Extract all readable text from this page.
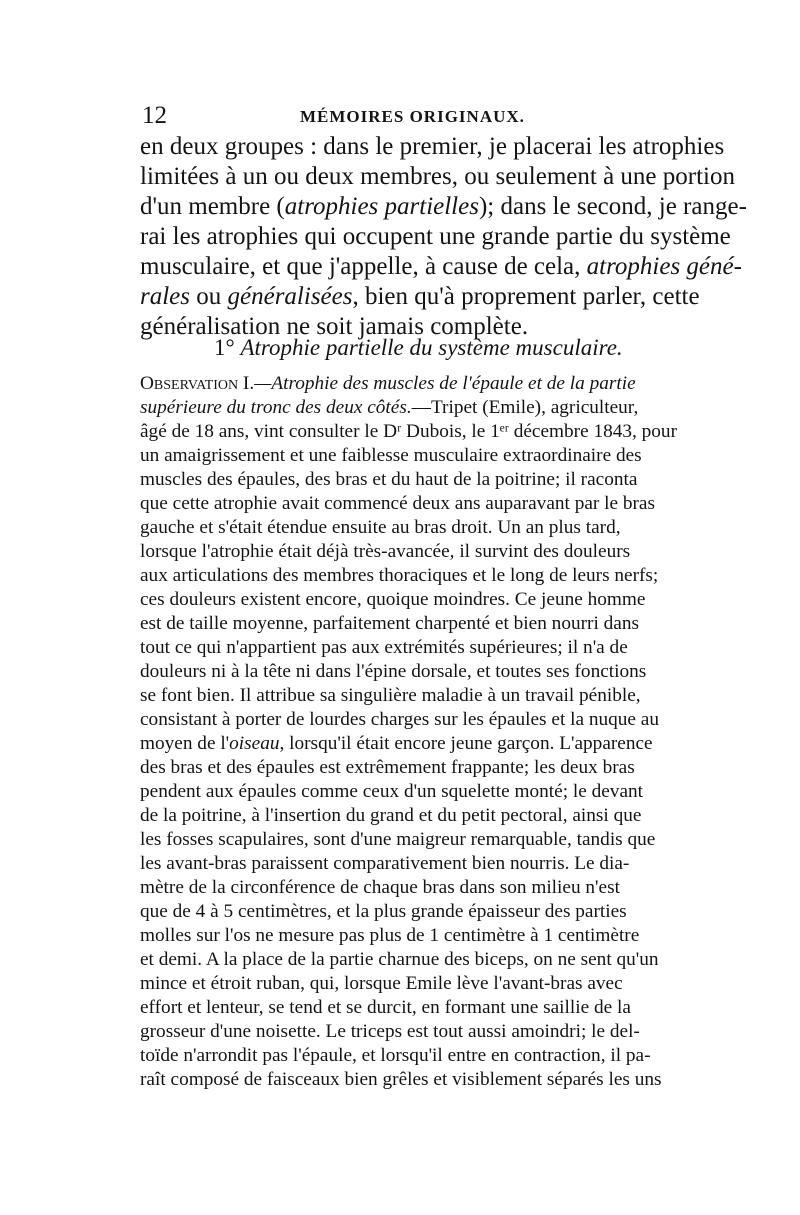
12	MÉMOIRES ORIGINAUX.
en deux groupes : dans le premier, je placerai les atrophies
limitées à un ou deux membres, ou seulement à une portion
d'un membre (atrophies partielles); dans le second, je range-
rai les atrophies qui occupent une grande partie du système
musculaire, et que j'appelle, à cause de cela, atrophies géné-
rales ou généralisées, bien qu'à proprement parler, cette
généralisation ne soit jamais complète.
1° Atrophie partielle du système musculaire.
Observation I.—Atrophie des muscles de l'épaule et de la partie
supérieure du tronc des deux côtés.—Tripet (Emile), agriculteur,
âgé de 18 ans, vint consulter le Dʳ Dubois, le 1ᵉʳ décembre 1843, pour
un amaigrissement et une faiblesse musculaire extraordinaire des
muscles des épaules, des bras et du haut de la poitrine; il raconta
que cette atrophie avait commencé deux ans auparavant par le bras
gauche et s'était étendue ensuite au bras droit. Un an plus tard,
lorsque l'atrophie était déjà très-avancée, il survint des douleurs
aux articulations des membres thoraciques et le long de leurs nerfs;
ces douleurs existent encore, quoique moindres. Ce jeune homme
est de taille moyenne, parfaitement charpenté et bien nourri dans
tout ce qui n'appartient pas aux extrémités supérieures; il n'a de
douleurs ni à la tête ni dans l'épine dorsale, et toutes ses fonctions
se font bien. Il attribue sa singulière maladie à un travail pénible,
consistant à porter de lourdes charges sur les épaules et la nuque au
moyen de l'oiseau, lorsqu'il était encore jeune garçon. L'apparence
des bras et des épaules est extrêmement frappante; les deux bras
pendent aux épaules comme ceux d'un squelette monté; le devant
de la poitrine, à l'insertion du grand et du petit pectoral, ainsi que
les fosses scapulaires, sont d'une maigreur remarquable, tandis que
les avant-bras paraissent comparativement bien nourris. Le dia-
mètre de la circonférence de chaque bras dans son milieu n'est
que de 4 à 5 centimètres, et la plus grande épaisseur des parties
molles sur l'os ne mesure pas plus de 1 centimètre à 1 centimètre
et demi. A la place de la partie charnue des biceps, on ne sent qu'un
mince et étroit ruban, qui, lorsque Emile lève l'avant-bras avec
effort et lenteur, se tend et se durcit, en formant une saillie de la
grosseur d'une noisette. Le triceps est tout aussi amoindri; le del-
toïde n'arrondit pas l'épaule, et lorsqu'il entre en contraction, il pa-
raît composé de faisceaux bien grêles et visiblement séparés les uns
